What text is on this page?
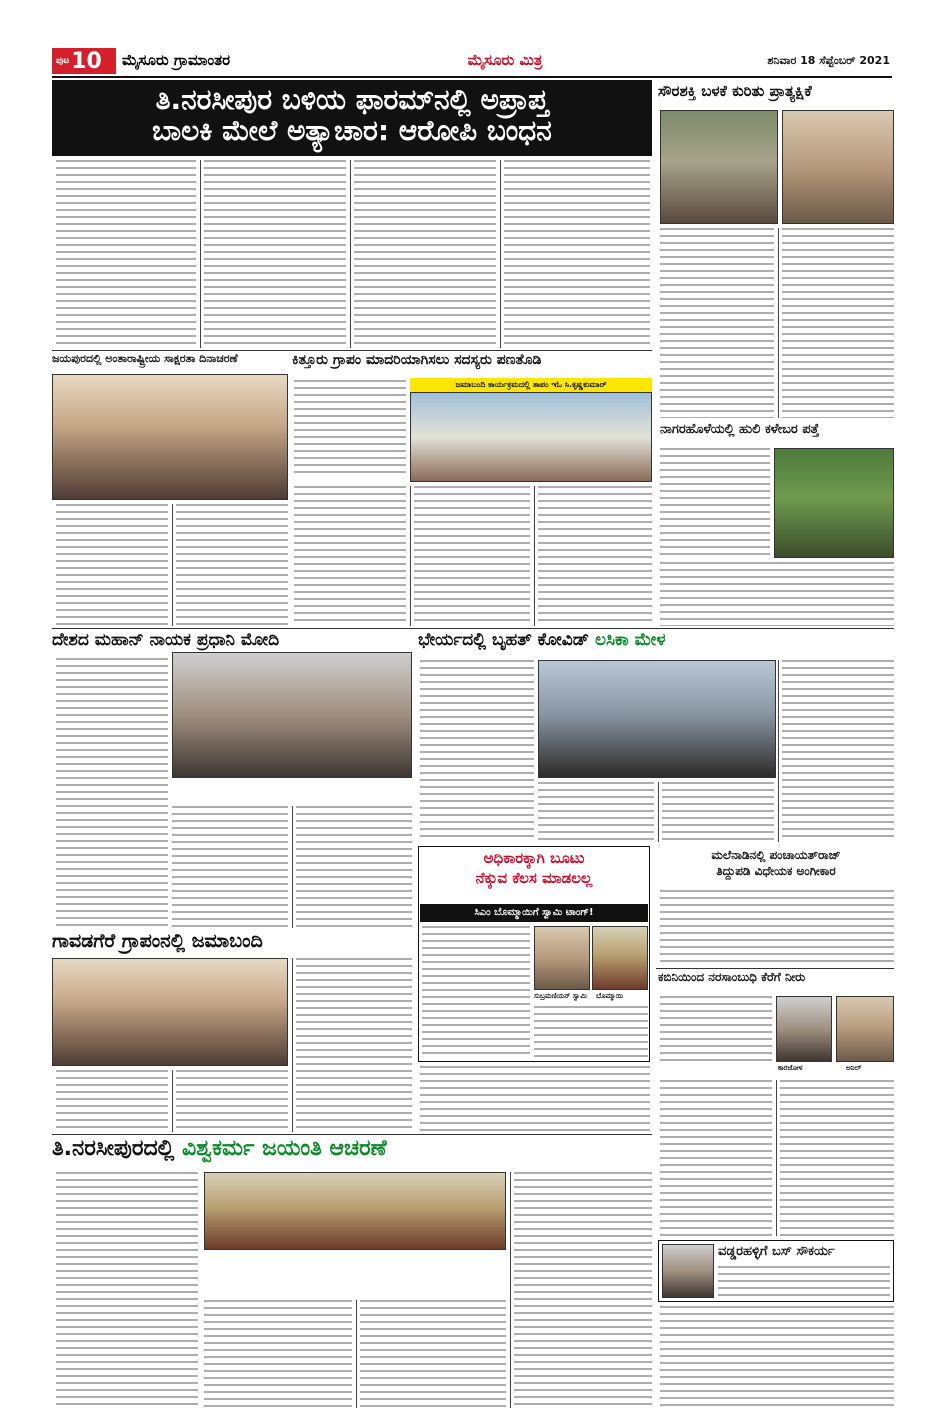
ಪುಟ 10 ಮೈಸೂರು ಗ್ರಾಮಾಂತರ	ಮೈಸೂರು ಮಿತ್ರ	ಶನಿವಾರ 18 ಸೆಪ್ಟೆಂಬರ್ 2021
ತಿ.ನರಸೀಪುರ ಬಳಿಯ ಫಾರಮ್‌ನಲ್ಲಿ ಅಪ್ರಾಪ್ತ
ಬಾಲಕಿ ಮೇಲೆ ಅತ್ಯಾಚಾರ: ಆರೋಪಿ ಬಂಧನ
ಸೌರಶಕ್ತಿ ಬಳಕೆ ಕುರಿತು ಪ್ರಾತ್ಯಕ್ಷಿಕೆ
ಜಯಪುರದಲ್ಲಿ ಅಂತಾರಾಷ್ಟ್ರೀಯ ಸಾಕ್ಷರತಾ ದಿನಾಚರಣೆ	ಕಿತ್ತೂರು ಗ್ರಾಪಂ ಮಾದರಿಯಾಗಿಸಲು ಸದಸ್ಯರು ಪಣತೊಡಿ
ಜಮಾಬಂದಿ ಕಾರ್ಯಕ್ರಮದಲ್ಲಿ ತಾಪಂ ಇಓ ಸಿ.ಕೃಷ್ಣಕುಮಾರ್
ನಾಗರಹೊಳೆಯಲ್ಲಿ ಹುಲಿ ಕಳೇಬರ ಪತ್ತೆ
ದೇಶದ ಮಹಾನ್ ನಾಯಕ ಪ್ರಧಾನಿ ಮೋದಿ	ಭೇರ್ಯದಲ್ಲಿ ಬೃಹತ್ ಕೋವಿಡ್ ಲಸಿಕಾ ಮೇಳ
ಅಧಿಕಾರಕ್ಕಾಗಿ ಬೂಟು
ನೆಕ್ಕುವ ಕೆಲಸ ಮಾಡಲಲ್ಲ
ಸಿಎಂ ಬೊಮ್ಮಾಯಿಗೆ ಸ್ವಾಮಿ ಟಾಂಗ್!
ಸುಬ್ರಮಣಿಯನ್ ಸ್ವಾಮಿ	ಬೊಮ್ಮಾಯಿ
ಮಲೆನಾಡಿನಲ್ಲಿ ಪಂಚಾಯತ್‌ರಾಜ್
ತಿದ್ದುಪಡಿ ವಿಧೇಯಕ ಅಂಗೀಕಾರ
ಗಾವಡಗೆರೆ ಗ್ರಾಪಂನಲ್ಲಿ ಜಮಾಬಂದಿ
ಕಬಿನಿಯಿಂದ ನರಸಾಂಬುಧಿ ಕೆರೆಗೆ ನೀರು
ಕಾರಜೋಳ	ಅನಿಲ್
ತಿ.ನರಸೀಪುರದಲ್ಲಿ ವಿಶ್ವಕರ್ಮ ಜಯಂತಿ ಆಚರಣೆ
ವಡ್ಡರಹಳ್ಳಿಗೆ ಬಸ್ ಸೌಕರ್ಯ
